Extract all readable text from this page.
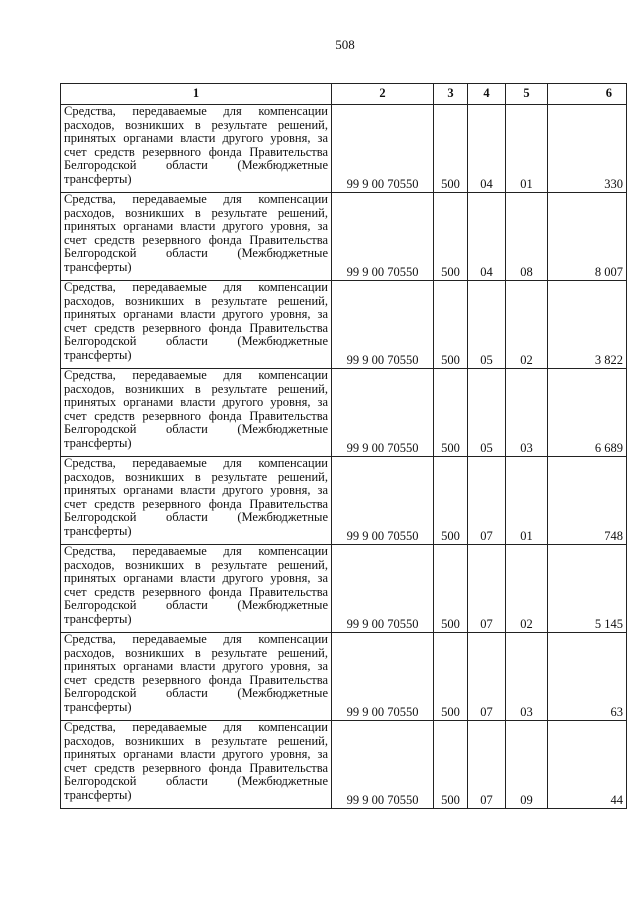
508
1	2	3	4	5	6
Средства, передаваемые для компенсации расходов, возникших в результате решений, принятых органами власти другого уровня, за счет средств резервного фонда Правительства Белгородской области (Межбюджетные трансферты)	99 9 00 70550	500	04	01	330
Средства, передаваемые для компенсации расходов, возникших в результате решений, принятых органами власти другого уровня, за счет средств резервного фонда Правительства Белгородской области (Межбюджетные трансферты)	99 9 00 70550	500	04	08	8 007
Средства, передаваемые для компенсации расходов, возникших в результате решений, принятых органами власти другого уровня, за счет средств резервного фонда Правительства Белгородской области (Межбюджетные трансферты)	99 9 00 70550	500	05	02	3 822
Средства, передаваемые для компенсации расходов, возникших в результате решений, принятых органами власти другого уровня, за счет средств резервного фонда Правительства Белгородской области (Межбюджетные трансферты)	99 9 00 70550	500	05	03	6 689
Средства, передаваемые для компенсации расходов, возникших в результате решений, принятых органами власти другого уровня, за счет средств резервного фонда Правительства Белгородской области (Межбюджетные трансферты)	99 9 00 70550	500	07	01	748
Средства, передаваемые для компенсации расходов, возникших в результате решений, принятых органами власти другого уровня, за счет средств резервного фонда Правительства Белгородской области (Межбюджетные трансферты)	99 9 00 70550	500	07	02	5 145
Средства, передаваемые для компенсации расходов, возникших в результате решений, принятых органами власти другого уровня, за счет средств резервного фонда Правительства Белгородской области (Межбюджетные трансферты)	99 9 00 70550	500	07	03	63
Средства, передаваемые для компенсации расходов, возникших в результате решений, принятых органами власти другого уровня, за счет средств резервного фонда Правительства Белгородской области (Межбюджетные трансферты)	99 9 00 70550	500	07	09	44
